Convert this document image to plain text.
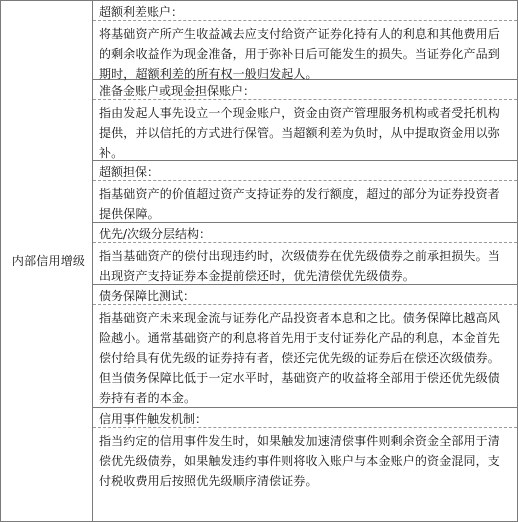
内部信用增级
超额利差账户：
将基础资产所产生收益减去应支付给资产证券化持有人的利息和其他费用后的剩余收益作为现金准备，用于弥补日后可能发生的损失。当证券化产品到期时，超额利差的所有权一般归发起人。
准备金账户或现金担保账户：
指由发起人事先设立一个现金账户，资金由资产管理服务机构或者受托机构提供，并以信托的方式进行保管。当超额利差为负时，从中提取资金用以弥补。
超额担保：
指基础资产的价值超过资产支持证券的发行额度，超过的部分为证券投资者提供保障。
优先/次级分层结构：
指当基础资产的偿付出现违约时，次级债券在优先级债券之前承担损失。当出现资产支持证券本金提前偿还时，优先清偿优先级债券。
债务保障比测试：
指基础资产未来现金流与证券化产品投资者本息和之比。债务保障比越高风险越小。通常基础资产的利息将首先用于支付证券化产品的利息，本金首先偿付给具有优先级的证券持有者，偿还完优先级的证券后在偿还次级债券。但当债务保障比低于一定水平时，基础资产的收益将全部用于偿还优先级债券持有者的本金。
信用事件触发机制：
指当约定的信用事件发生时，如果触发加速清偿事件则剩余资金全部用于清偿优先级债券，如果触发违约事件则将收入账户与本金账户的资金混同，支付税收费用后按照优先级顺序清偿证券。
